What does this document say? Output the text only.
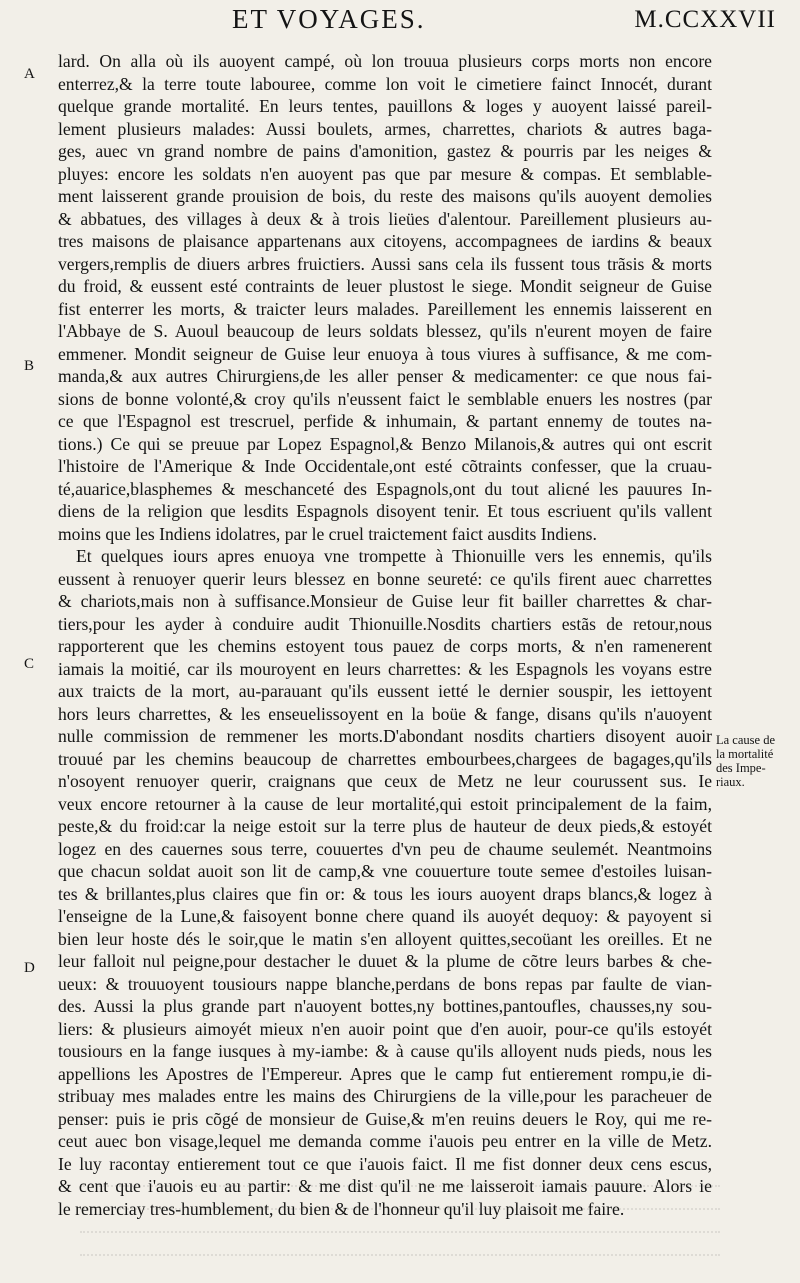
ET VOYAGES.	M.CCXXVII
A
B
C
D
La cause de
la mortalité
des Impe-
riaux.
lard. On alla où ils auoyent campé, où lon trouua plusieurs corps morts non encore
enterrez,& la terre toute labouree, comme lon voit le cimetiere fainct Innocét, durant
quelque grande mortalité. En leurs tentes, pauillons & loges y auoyent laissé pareil-
lement plusieurs malades: Aussi boulets, armes, charrettes, chariots & autres baga-
ges, auec vn grand nombre de pains d'amonition, gastez & pourris par les neiges &
pluyes: encore les soldats n'en auoyent pas que par mesure & compas. Et semblable-
ment laisserent grande prouision de bois, du reste des maisons qu'ils auoyent demolies
& abbatues, des villages à deux & à trois lieües d'alentour. Pareillement plusieurs au-
tres maisons de plaisance appartenans aux citoyens, accompagnees de iardins & beaux
vergers,remplis de diuers arbres fruictiers. Aussi sans cela ils fussent tous trãsis & morts
du froid, & eussent esté contraints de leuer plustost le siege. Mondit seigneur de Guise
fist enterrer les morts, & traicter leurs malades. Pareillement les ennemis laisserent en
l'Abbaye de S. Auoul beaucoup de leurs soldats blessez, qu'ils n'eurent moyen de faire
emmener. Mondit seigneur de Guise leur enuoya à tous viures à suffisance, & me com-
manda,& aux autres Chirurgiens,de les aller penser & medicamenter: ce que nous fai-
sions de bonne volonté,& croy qu'ils n'eussent faict le semblable enuers les nostres (par
ce que l'Espagnol est trescruel, perfide & inhumain, & partant ennemy de toutes na-
tions.) Ce qui se preuue par Lopez Espagnol,& Benzo Milanois,& autres qui ont escrit
l'histoire de l'Amerique & Inde Occidentale,ont esté cõtraints confesser, que la cruau-
té,auarice,blasphemes & meschanceté des Espagnols,ont du tout alієné les pauures In-
diens de la religion que lesdits Espagnols disoyent tenir. Et tous escriuent qu'ils vallent
moins que les Indiens idolatres, par le cruel traictement faict ausdits Indiens.
Et quelques iours apres enuoya vne trompette à Thionuille vers les ennemis, qu'ils
eussent à renuoyer querir leurs blessez en bonne seureté: ce qu'ils firent auec charrettes
& chariots,mais non à suffisance.Monsieur de Guise leur fit bailler charrettes & char-
tiers,pour les ayder à conduire audit Thionuille.Nosdits chartiers estãs de retour,nous
rapporterent que les chemins estoyent tous pauez de corps morts, & n'en ramenerent
iamais la moitié, car ils mouroyent en leurs charrettes: & les Espagnols les voyans estre
aux traicts de la mort, au-parauant qu'ils eussent ietté le dernier souspir, les iettoyent
hors leurs charrettes, & les enseuelissoyent en la boüe & fange, disans qu'ils n'auoyent
nulle commission de remmener les morts.D'abondant nosdits chartiers disoyent auoir
trouué par les chemins beaucoup de charrettes embourbees,chargees de bagages,qu'ils
n'osoyent renuoyer querir, craignans que ceux de Metz ne leur courussent sus. Ie
veux encore retourner à la cause de leur mortalité,qui estoit principalement de la faim,
peste,& du froid:car la neige estoit sur la terre plus de hauteur de deux pieds,& estoyét
logez en des cauernes sous terre, couuertes d'vn peu de chaume seulemét. Neantmoins
que chacun soldat auoit son lit de camp,& vne couuerture toute semee d'estoiles luisan-
tes & brillantes,plus claires que fin or: & tous les iours auoyent draps blancs,& logez à
l'enseigne de la Lune,& faisoyent bonne chere quand ils auoyét dequoy: & payoyent si
bien leur hoste dés le soir,que le matin s'en alloyent quittes,secoüant les oreilles. Et ne
leur falloit nul peigne,pour destacher le duuet & la plume de cõtre leurs barbes & che-
ueux: & trouuoyent tousiours nappe blanche,perdans de bons repas par faulte de vian-
des. Aussi la plus grande part n'auoyent bottes,ny bottines,pantoufles, chausses,ny sou-
liers: & plusieurs aimoyét mieux n'en auoir point que d'en auoir, pour-ce qu'ils estoyét
tousiours en la fange iusques à my-iambe: & à cause qu'ils alloyent nuds pieds, nous les
appellions les Apostres de l'Empereur. Apres que le camp fut entierement rompu,ie di-
stribuay mes malades entre les mains des Chirurgiens de la ville,pour les paracheuer de
penser: puis ie pris cõgé de monsieur de Guise,& m'en reuins deuers le Roy, qui me re-
ceut auec bon visage,lequel me demanda comme i'auois peu entrer en la ville de Metz.
Ie luy racontay entierement tout ce que i'auois faict. Il me fist donner deux cens escus,
& cent que i'auois eu au partir: & me dist qu'il ne me laisseroit iamais pauure. Alors ie
le remerciay tres-humblement, du bien & de l'honneur qu'il luy plaisoit me faire.
